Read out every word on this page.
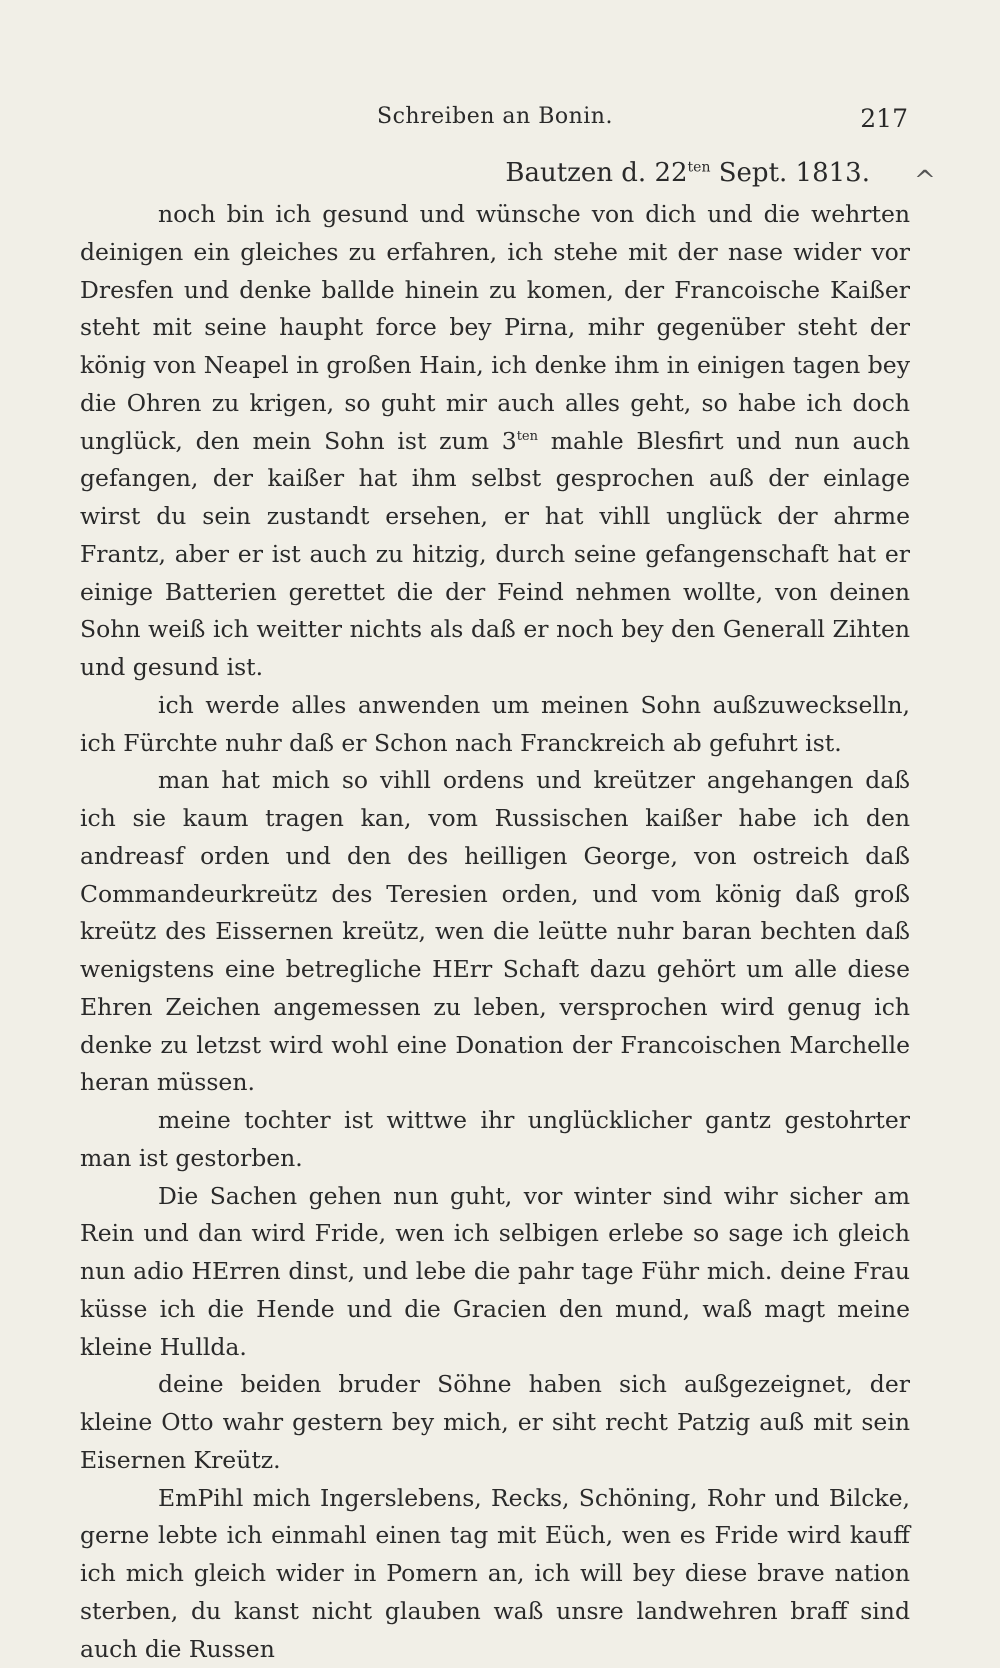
Schreiben an Bonin.	217
Bautzen d. $22^{ten}$ Sept. 1813. ^

noch bin ich gesund und wünsche von dich und die wehrten deinigen ein gleiches zu erfahren, ich stehe mit der nase wider vor Dresfen und denke ballde hinein zu komen, der Francoische Kaißer steht mit seine haupht force bey Pirna, mihr gegenüber steht der könig von Neapel in großen Hain, ich denke ihm in einigen tagen bey die Ohren zu krigen, so guht mir auch alles geht, so habe ich doch unglück, den mein Sohn ist zum $3^{ten}$ mahle Blesfirt und nun auch gefangen, der kaißer hat ihm selbst gesprochen auß der einlage wirst du sein zustandt ersehen, er hat vihll unglück der ahrme Frantz, aber er ist auch zu hitzig, durch seine gefangenschaft hat er einige Batterien gerettet die der Feind nehmen wollte, von deinen Sohn weiß ich weitter nichts als daß er noch bey den Generall Zihten und gesund ist.

ich werde alles anwenden um meinen Sohn außzuweckselln, ich Fürchte nuhr daß er Schon nach Franckreich ab gefuhrt ist.

man hat mich so vihll ordens und kreützer angehangen daß ich sie kaum tragen kan, vom Russischen kaißer habe ich den andreasf orden und den des heilligen George, von ostreich daß Commandeurkreütz des Teresien orden, und vom könig daß groß kreütz des Eissernen kreütz, wen die leütte nuhr baran bechten daß wenigstens eine betregliche HErr Schaft dazu gehört um alle diese Ehren Zeichen angemessen zu leben, versprochen wird genug ich denke zu letzst wird wohl eine Donation der Francoischen Marchelle heran müssen.

meine tochter ist wittwe ihr unglücklicher gantz gestohrter man ist gestorben.

Die Sachen gehen nun guht, vor winter sind wihr sicher am Rein und dan wird Fride, wen ich selbigen erlebe so sage ich gleich nun adio HErren dinst, und lebe die pahr tage Führ mich. deine Frau küsse ich die Hende und die Gracien den mund, waß magt meine kleine Hullda.

deine beiden bruder Söhne haben sich außgezeignet, der kleine Otto wahr gestern bey mich, er siht recht Patzig auß mit sein Eisernen Kreütz.

EmPihl mich Ingerslebens, Recks, Schöning, Rohr und Bilcke, gerne lebte ich einmahl einen tag mit Eüch, wen es Fride wird kauff ich mich gleich wider in Pomern an, ich will bey diese brave nation sterben, du kanst nicht glauben waß unsre landwehren braff sind auch die Russen
